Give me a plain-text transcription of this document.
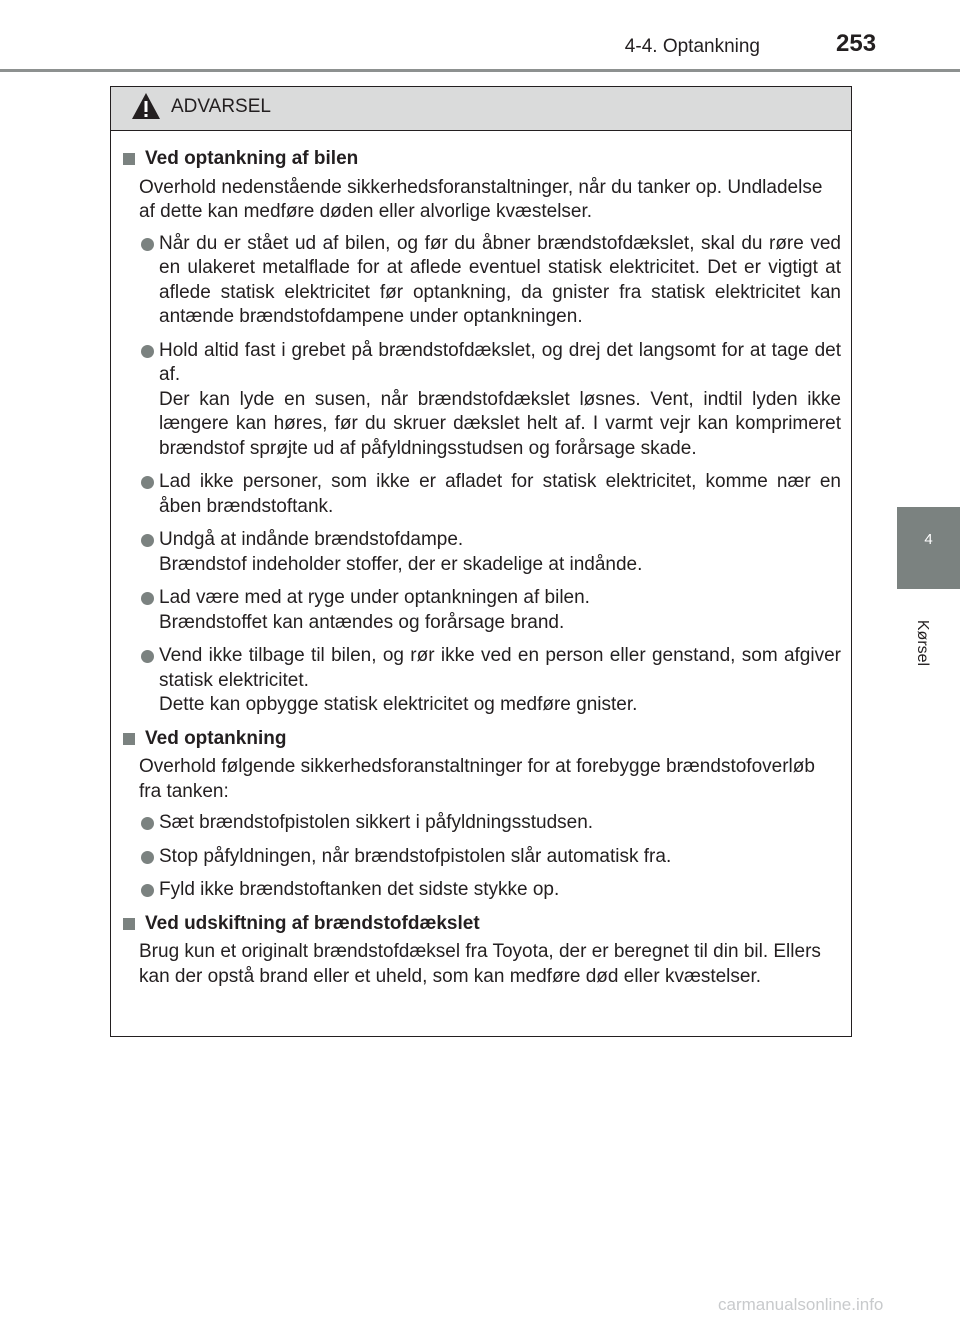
4-4. Optankning	253
4
Kørsel
ADVARSEL
Ved optankning af bilen
Overhold nedenstående sikkerhedsforanstaltninger, når du tanker op. Undladelse af dette kan medføre døden eller alvorlige kvæstelser.
Når du er stået ud af bilen, og før du åbner brændstofdækslet, skal du røre ved en ulakeret metalflade for at aflede eventuel statisk elektricitet. Det er vigtigt at aflede statisk elektricitet før optankning, da gnister fra statisk elektricitet kan antænde brændstofdampene under optankningen.
Hold altid fast i grebet på brændstofdækslet, og drej det langsomt for at tage det af.
Der kan lyde en susen, når brændstofdækslet løsnes. Vent, indtil lyden ikke længere kan høres, før du skruer dækslet helt af. I varmt vejr kan komprimeret brændstof sprøjte ud af påfyldningsstudsen og forårsage skade.
Lad ikke personer, som ikke er afladet for statisk elektricitet, komme nær en åben brændstoftank.
Undgå at indånde brændstofdampe.
Brændstof indeholder stoffer, der er skadelige at indånde.
Lad være med at ryge under optankningen af bilen.
Brændstoffet kan antændes og forårsage brand.
Vend ikke tilbage til bilen, og rør ikke ved en person eller genstand, som afgiver statisk elektricitet.
Dette kan opbygge statisk elektricitet og medføre gnister.
Ved optankning
Overhold følgende sikkerhedsforanstaltninger for at forebygge brændstofoverløb fra tanken:
Sæt brændstofpistolen sikkert i påfyldningsstudsen.
Stop påfyldningen, når brændstofpistolen slår automatisk fra.
Fyld ikke brændstoftanken det sidste stykke op.
Ved udskiftning af brændstofdækslet
Brug kun et originalt brændstofdæksel fra Toyota, der er beregnet til din bil. Ellers kan der opstå brand eller et uheld, som kan medføre død eller kvæstelser.
carmanualsonline.info
